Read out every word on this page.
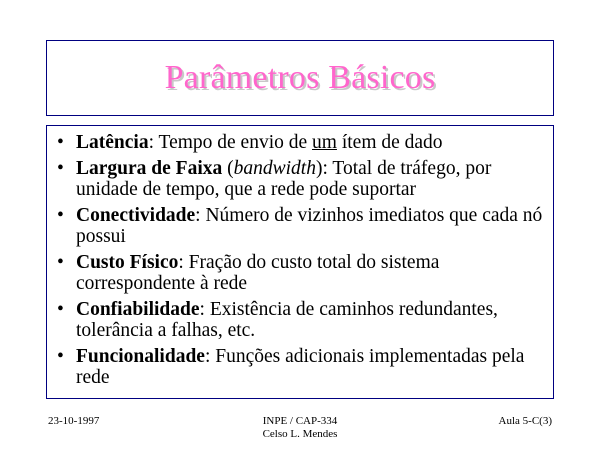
Parâmetros Básicos
• Latência: Tempo de envio de um ítem de dado
• Largura de Faixa (bandwidth): Total de tráfego, por unidade de tempo, que a rede pode suportar
• Conectividade: Número de vizinhos imediatos que cada nó possui
• Custo Físico: Fração do custo total do sistema correspondente à rede
• Confiabilidade: Existência de caminhos redundantes, tolerância a falhas, etc.
• Funcionalidade: Funções adicionais implementadas pela rede
23-10-1997	INPE / CAP-334
Celso L. Mendes
Aula 5-C(3)
